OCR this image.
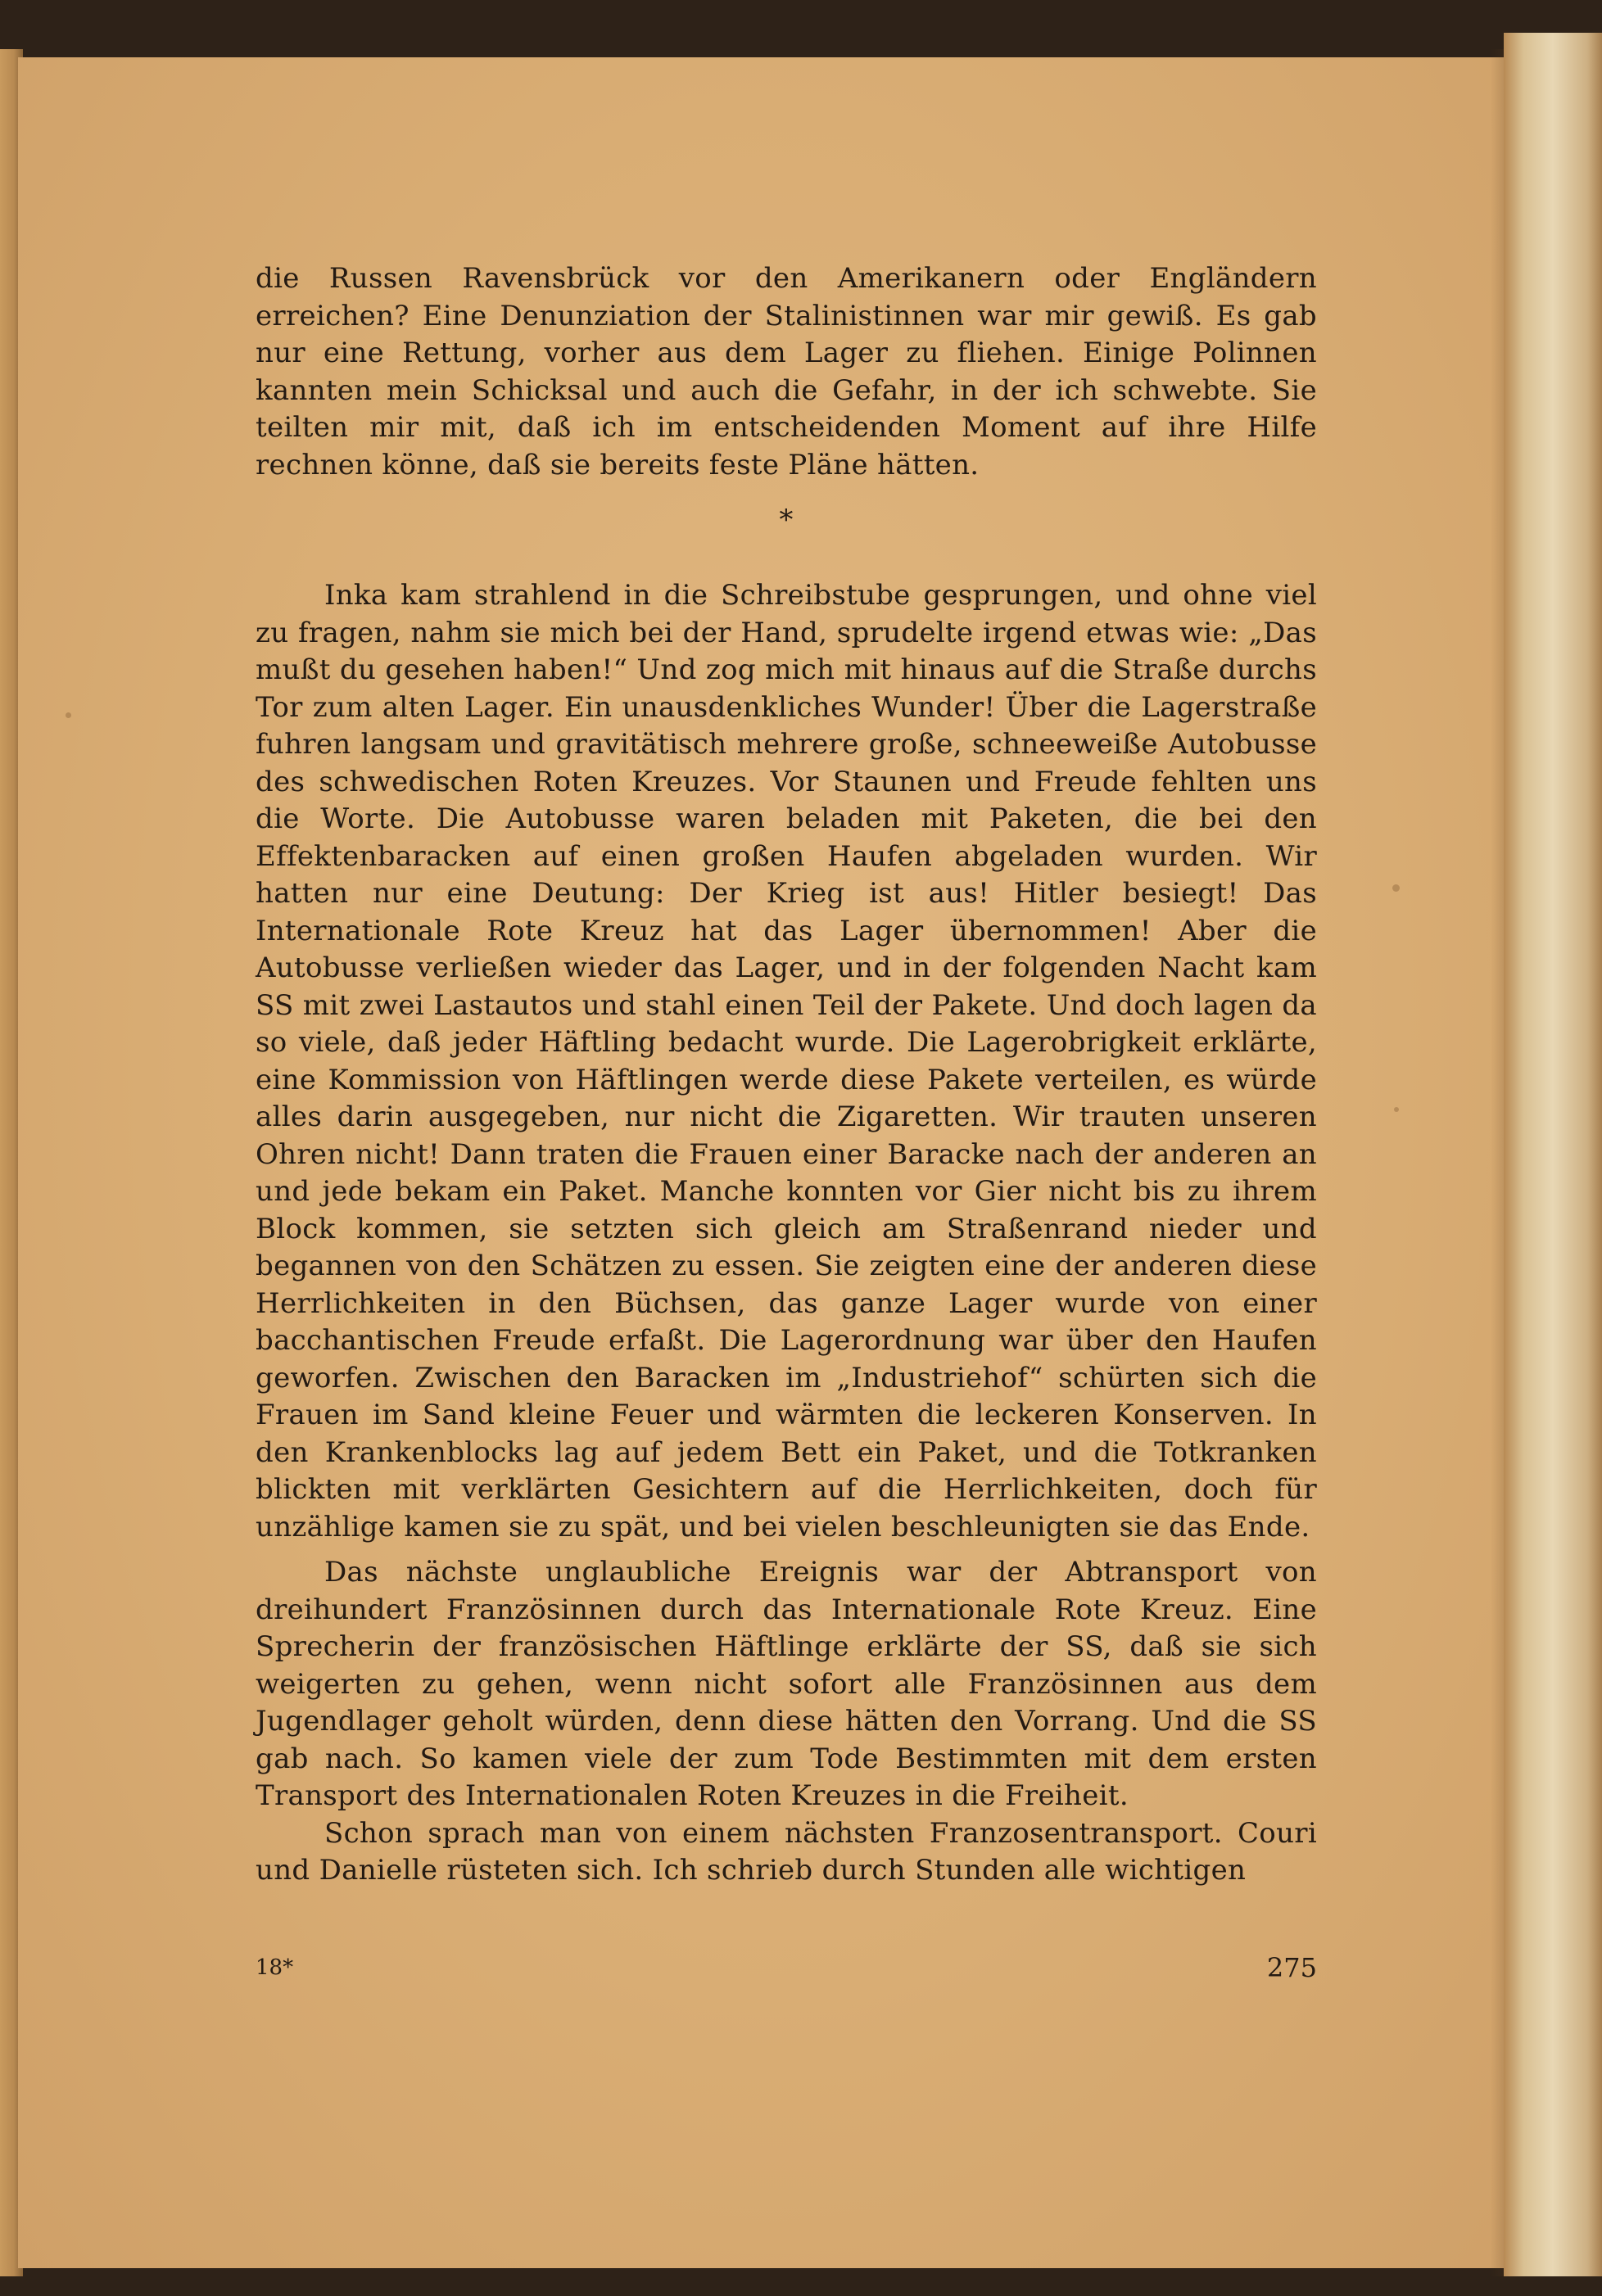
die Russen Ravensbrück vor den Amerikanern oder Engländern erreichen? Eine Denunziation der Stalinistinnen war mir gewiß. Es gab nur eine Rettung, vorher aus dem Lager zu fliehen. Einige Polinnen kannten mein Schicksal und auch die Gefahr, in der ich schwebte. Sie teilten mir mit, daß ich im entscheidenden Moment auf ihre Hilfe rechnen könne, daß sie bereits feste Pläne hätten.

*

Inka kam strahlend in die Schreibstube gesprungen, und ohne viel zu fragen, nahm sie mich bei der Hand, sprudelte irgend etwas wie: „Das mußt du gesehen haben!“ Und zog mich mit hinaus auf die Straße durchs Tor zum alten Lager. Ein unausdenkliches Wunder! Über die Lagerstraße fuhren langsam und gravitätisch mehrere große, schneeweiße Autobusse des schwedischen Roten Kreuzes. Vor Staunen und Freude fehlten uns die Worte. Die Autobusse waren beladen mit Paketen, die bei den Effektenbaracken auf einen großen Haufen abgeladen wurden. Wir hatten nur eine Deutung: Der Krieg ist aus! Hitler besiegt! Das Internationale Rote Kreuz hat das Lager übernommen! Aber die Autobusse verließen wieder das Lager, und in der folgenden Nacht kam SS mit zwei Lastautos und stahl einen Teil der Pakete. Und doch lagen da so viele, daß jeder Häftling bedacht wurde. Die Lagerobrigkeit erklärte, eine Kommission von Häftlingen werde diese Pakete verteilen, es würde alles darin ausgegeben, nur nicht die Zigaretten. Wir trauten unseren Ohren nicht! Dann traten die Frauen einer Baracke nach der anderen an und jede bekam ein Paket. Manche konnten vor Gier nicht bis zu ihrem Block kommen, sie setzten sich gleich am Straßenrand nieder und begannen von den Schätzen zu essen. Sie zeigten eine der anderen diese Herrlichkeiten in den Büchsen, das ganze Lager wurde von einer bacchantischen Freude erfaßt. Die Lagerordnung war über den Haufen geworfen. Zwischen den Baracken im „Industriehof“ schürten sich die Frauen im Sand kleine Feuer und wärmten die leckeren Konserven. In den Krankenblocks lag auf jedem Bett ein Paket, und die Totkranken blickten mit verklärten Gesichtern auf die Herrlichkeiten, doch für unzählige kamen sie zu spät, und bei vielen beschleunigten sie das Ende.

Das nächste unglaubliche Ereignis war der Abtransport von dreihundert Französinnen durch das Internationale Rote Kreuz. Eine Sprecherin der französischen Häftlinge erklärte der SS, daß sie sich weigerten zu gehen, wenn nicht sofort alle Französinnen aus dem Jugendlager geholt würden, denn diese hätten den Vorrang. Und die SS gab nach. So kamen viele der zum Tode Bestimmten mit dem ersten Transport des Internationalen Roten Kreuzes in die Freiheit.

Schon sprach man von einem nächsten Franzosentransport. Couri und Danielle rüsteten sich. Ich schrieb durch Stunden alle wichtigen

18*	275
